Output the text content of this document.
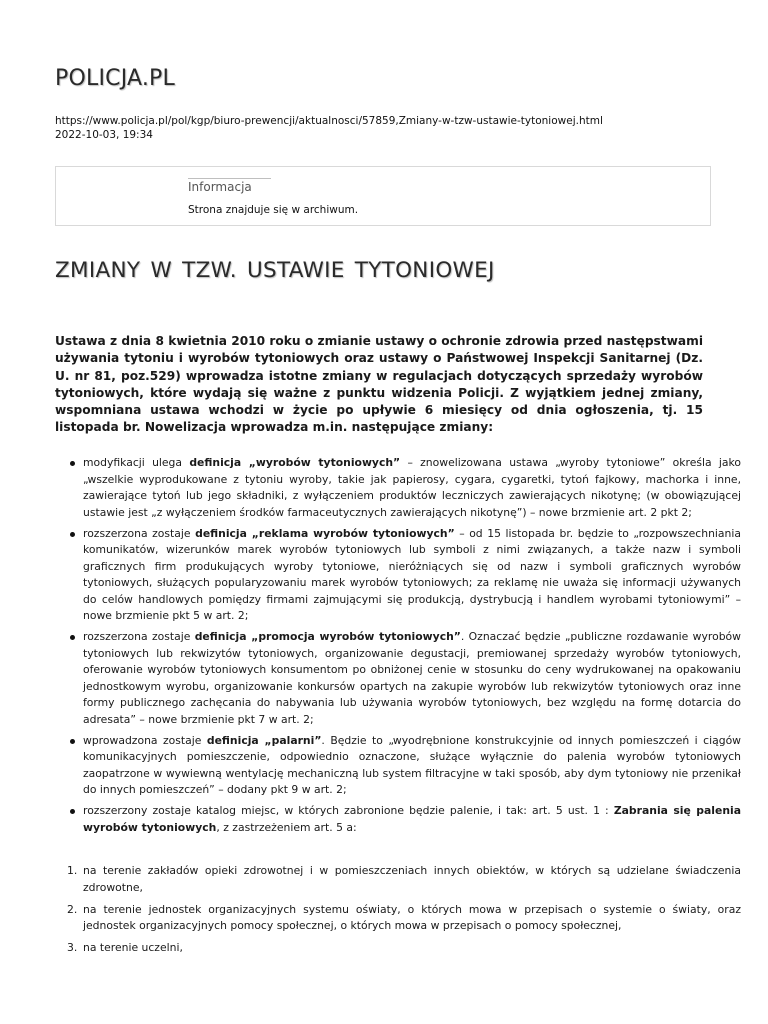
POLICJA.PL
https://www.policja.pl/pol/kgp/biuro-prewencji/aktualnosci/57859,Zmiany-w-tzw-ustawie-tytoniowej.html
2022-10-03, 19:34
Informacja
Strona znajduje się w archiwum.
ZMIANY W TZW. USTAWIE TYTONIOWEJ

Ustawa z dnia 8 kwietnia 2010 roku o zmianie ustawy o ochronie zdrowia przed następstwami używania tytoniu i wyrobów tytoniowych oraz ustawy o Państwowej Inspekcji Sanitarnej (Dz. U. nr 81, poz.529) wprowadza istotne zmiany w regulacjach dotyczących sprzedaży wyrobów tytoniowych, które wydają się ważne z punktu widzenia Policji. Z wyjątkiem jednej zmiany, wspomniana ustawa wchodzi w życie po upływie 6 miesięcy od dnia ogłoszenia, tj. 15 listopada br. Nowelizacja wprowadza m.in. następujące zmiany:

modyfikacji ulega definicja „wyrobów tytoniowych” – znowelizowana ustawa „wyroby tytoniowe” określa jako „wszelkie wyprodukowane z tytoniu wyroby, takie jak papierosy, cygara, cygaretki, tytoń fajkowy, machorka i inne, zawierające tytoń lub jego składniki, z wyłączeniem produktów leczniczych zawierających nikotynę; (w obowiązującej ustawie jest „z wyłączeniem środków farmaceutycznych zawierających nikotynę”) – nowe brzmienie art. 2 pkt 2;
rozszerzona zostaje definicja „reklama wyrobów tytoniowych” – od 15 listopada br. będzie to „rozpowszechniania komunikatów, wizerunków marek wyrobów tytoniowych lub symboli z nimi związanych, a także nazw i symboli graficznych firm produkujących wyroby tytoniowe, nieróżniących się od nazw i symboli graficznych wyrobów tytoniowych, służących popularyzowaniu marek wyrobów tytoniowych; za reklamę nie uważa się informacji używanych do celów handlowych pomiędzy firmami zajmującymi się produkcją, dystrybucją i handlem wyrobami tytoniowymi” – nowe brzmienie pkt 5 w art. 2;
rozszerzona zostaje definicja „promocja wyrobów tytoniowych”. Oznaczać będzie „publiczne rozdawanie wyrobów tytoniowych lub rekwizytów tytoniowych, organizowanie degustacji, premiowanej sprzedaży wyrobów tytoniowych, oferowanie wyrobów tytoniowych konsumentom po obniżonej cenie w stosunku do ceny wydrukowanej na opakowaniu jednostkowym wyrobu, organizowanie konkursów opartych na zakupie wyrobów lub rekwizytów tytoniowych oraz inne formy publicznego zachęcania do nabywania lub używania wyrobów tytoniowych, bez względu na formę dotarcia do adresata” – nowe brzmienie pkt 7 w art. 2;
wprowadzona zostaje definicja „palarni”. Będzie to „wyodrębnione konstrukcyjnie od innych pomieszczeń i ciągów komunikacyjnych pomieszczenie, odpowiednio oznaczone, służące wyłącznie do palenia wyrobów tytoniowych zaopatrzone w wywiewną wentylację mechaniczną lub system filtracyjne w taki sposób, aby dym tytoniowy nie przenikał do innych pomieszczeń” – dodany pkt 9 w art. 2;
rozszerzony zostaje katalog miejsc, w których zabronione będzie palenie, i tak: art. 5 ust. 1 : Zabrania się palenia wyrobów tytoniowych, z zastrzeżeniem art. 5 a:
1. na terenie zakładów opieki zdrowotnej i w pomieszczeniach innych obiektów, w których są udzielane świadczenia zdrowotne,
2. na terenie jednostek organizacyjnych systemu oświaty, o których mowa w przepisach o systemie o światy, oraz jednostek organizacyjnych pomocy społecznej, o których mowa w przepisach o pomocy społecznej,
3. na terenie uczelni,
